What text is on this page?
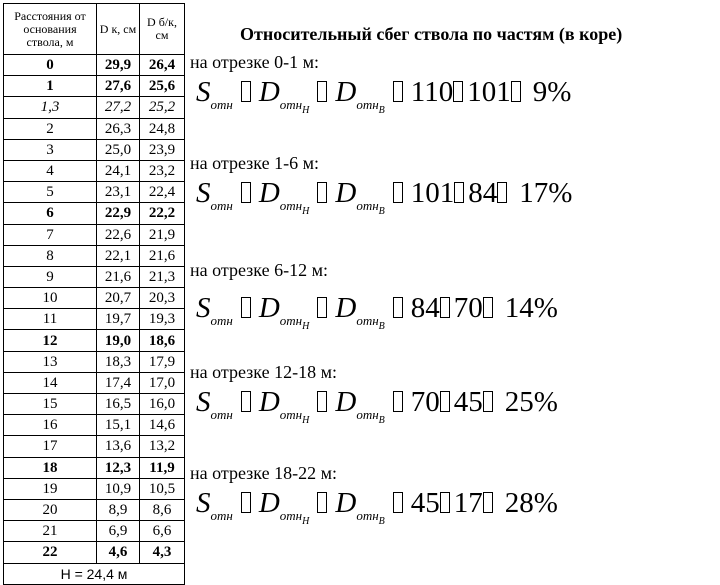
Расстояния от основания ствола, м	D к, см	D б/к, см
0	29,9	26,4
1	27,6	25,6
1,3	27,2	25,2
2	26,3	24,8
3	25,0	23,9
4	24,1	23,2
5	23,1	22,4
6	22,9	22,2
7	22,6	21,9
8	22,1	21,6
9	21,6	21,3
10	20,7	20,3
11	19,7	19,3
12	19,0	18,6
13	18,3	17,9
14	17,4	17,0
15	16,5	16,0
16	15,1	14,6
17	13,6	13,2
18	12,3	11,9
19	10,9	10,5
20	8,9	8,6
21	6,9	6,6
22	4,6	4,3
Н = 24,4 м		
Относительный сбег ствола по частям (в коре)
на отрезке 0-1 м:
$S_{отн}$ $D_{отнН}D_{отнВ}110$ 101 9%
на отрезке 1-6 м:
$S_{отн}$ $D_{отнН}D_{отнВ}101$ 84 17%
на отрезке 6-12 м:
$S_{отн}$ $D_{отнН}D_{отнВ}84$ 70 14%
на отрезке 12-18 м:
$S_{отн}$ $D_{отнН}D_{отнВ}70$ 45 25%
на отрезке 18-22 м:
$S_{отн}$ $D_{отнН}D_{отнВ}45$ 17 28%
